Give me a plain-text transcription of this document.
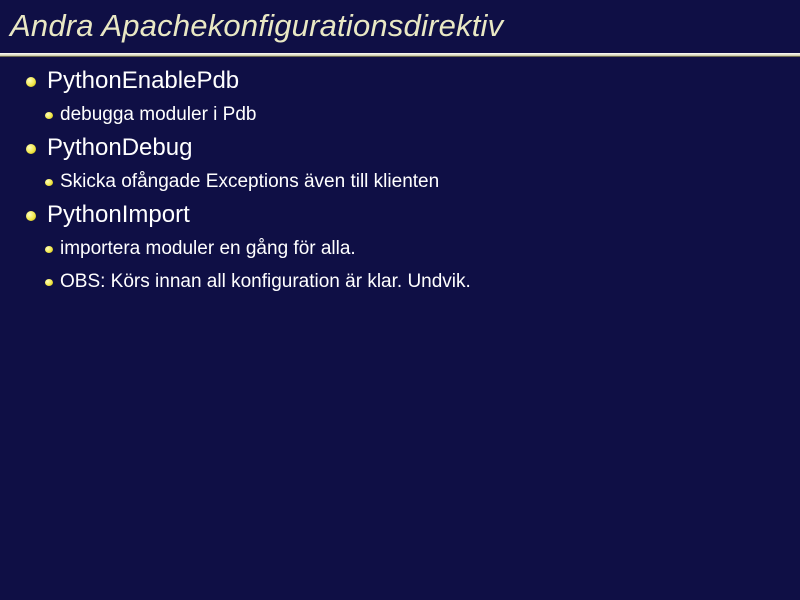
Andra Apachekonfigurationsdirektiv
PythonEnablePdb
debugga moduler i Pdb
PythonDebug
Skicka ofångade Exceptions även till klienten
PythonImport
importera moduler en gång för alla.
OBS: Körs innan all konfiguration är klar. Undvik.
